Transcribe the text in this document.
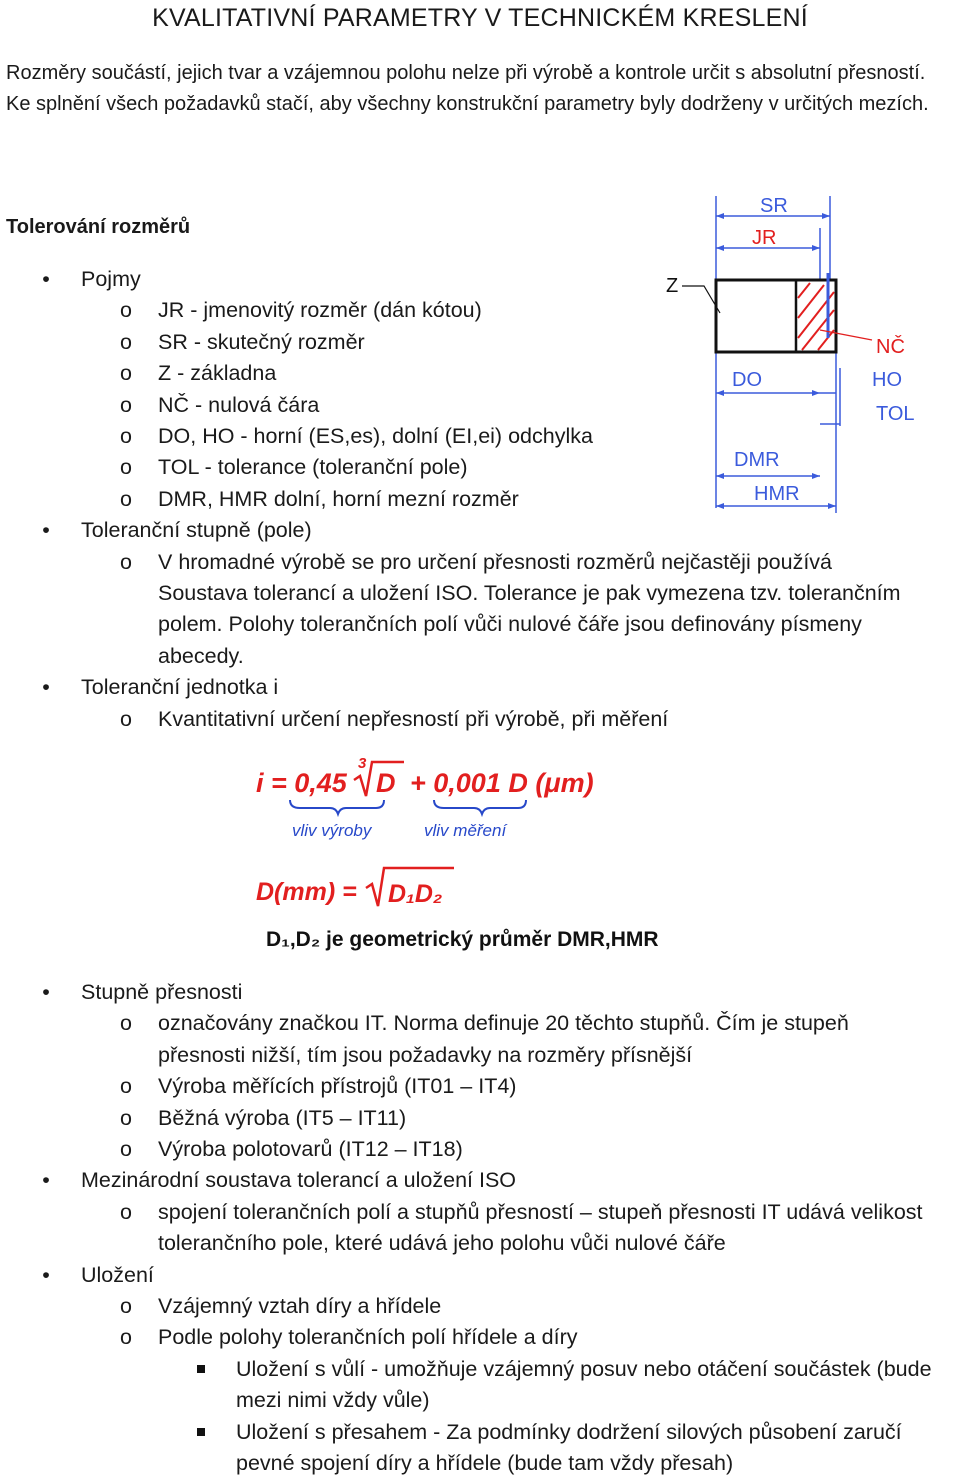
KVALITATIVNÍ PARAMETRY V TECHNICKÉM KRESLENÍ
Rozměry součástí, jejich tvar a vzájemnou polohu nelze při výrobě a kontrole určit s absolutní přesností. Ke splnění všech požadavků stačí, aby všechny konstrukční parametry byly dodrženy v určitých mezích.
Tolerování rozměrů
• Pojmy
o JR - jmenovitý rozměr (dán kótou)
o SR - skutečný rozměr
o Z - základna
o NČ - nulová čára
o DO, HO - horní (ES,es), dolní (EI,ei) odchylka
o TOL - tolerance (toleranční pole)
o DMR, HMR dolní, horní mezní rozměr
• Toleranční stupně (pole)
o V hromadné výrobě se pro určení přesnosti rozměrů nejčastěji používá Soustava tolerancí a uložení ISO. Tolerance je pak vymezena tzv. tolerančním polem. Polohy tolerančních polí vůči nulové čáře jsou definovány písmeny abecedy.
• Toleranční jednotka i
o Kvantitativní určení nepřesností při výrobě, při měření
SR
JR
Z
NČ
DO	HO
TOL
DMR
HMR
i = 0,45
3
D + 0,001 D (μm)
D(mm) = D₁D₂
vliv výroby	vliv měření
D₁,D₂ je geometrický průměr DMR,HMR
• Stupně přesnosti
o označovány značkou IT. Norma definuje 20 těchto stupňů. Čím je stupeň přesnosti nižší, tím jsou požadavky na rozměry přísnější
o Výroba měřících přístrojů (IT01 – IT4)
o Běžná výroba (IT5 – IT11)
o Výroba polotovarů (IT12 – IT18)
• Mezinárodní soustava tolerancí a uložení ISO
o spojení tolerančních polí a stupňů přesností – stupeň přesnosti IT udává velikost tolerančního pole, které udává jeho polohu vůči nulové čáře
• Uložení
o Vzájemný vztah díry a hřídele
o Podle polohy tolerančních polí hřídele a díry
Uložení s vůlí - umožňuje vzájemný posuv nebo otáčení součástek (bude mezi nimi vždy vůle)
Uložení s přesahem - Za podmínky dodržení silových působení zaručí pevné spojení díry a hřídele (bude tam vždy přesah)
